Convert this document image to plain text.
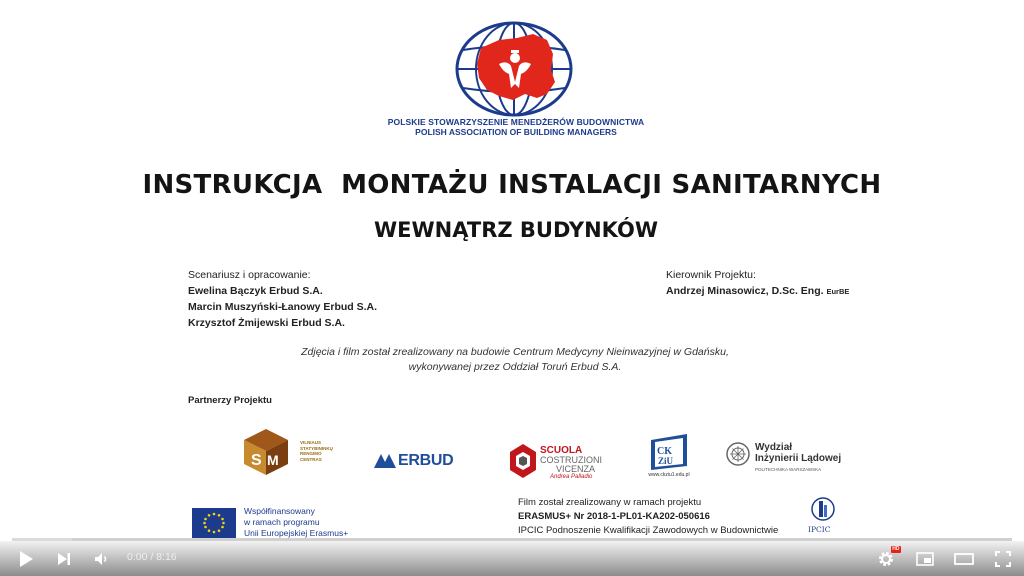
POLSKIE STOWARZYSZENIE MENEDŻERÓW BUDOWNICTWA
POLISH ASSOCIATION OF BUILDING MANAGERS
INSTRUKCJA  MONTAŻU INSTALACJI SANITARNYCH
WEWNĄTRZ BUDYNKÓW
Scenariusz i opracowanie:
Ewelina Bączyk Erbud S.A.
Marcin Muszyński-Łanowy Erbud S.A.
Krzysztof Żmijewski Erbud S.A.
Kierownik Projektu:
Andrzej Minasowicz, D.Sc. Eng. EurBE
Zdjęcia i film został zrealizowany na budowie Centrum Medycyny Nieinwazyjnej w Gdańsku,
wykonywanej przez Oddział Toruń Erbud S.A.
Partnerzy Projektu
S M
VILNIAUS
STATYBININKŲ
RENGIMO
CENTRAS	ERBUD
SCUOLA
COSTRUZIONI
VICENZA
Andrea Palladio
CK
ZiU
www.ckziu1.edu.pl
Wydział
Inżynierii Lądowej
POLITECHNIKA WARSZAWSKA
Współfinansowany
w ramach programu
Unii Europejskiej Erasmus+
Film został zrealizowany w ramach projektu
ERASMUS+ Nr 2018-1-PL01-KA202-050616
IPCIC Podnoszenie Kwalifikacji Zawodowych w Budownictwie	IPCIC
0:00 / 8:16
HD
